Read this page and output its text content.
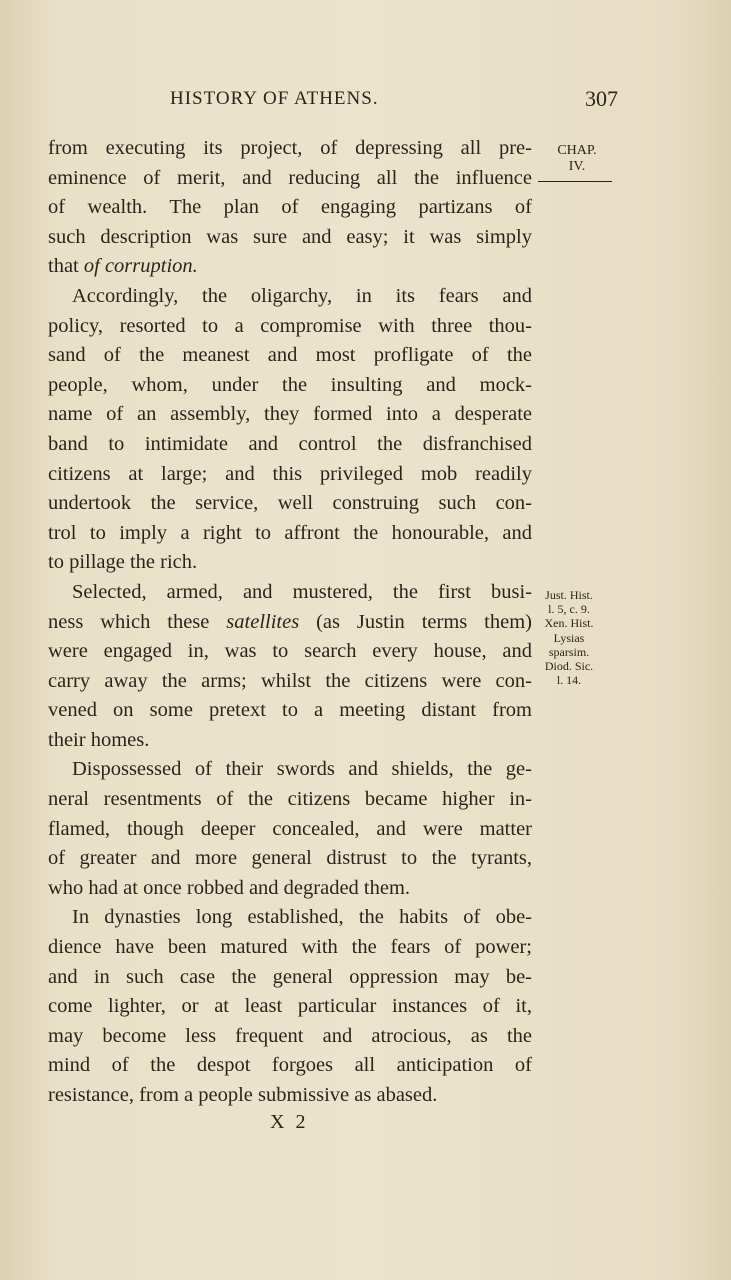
HISTORY OF ATHENS.	307
CHAP.
IV.
Just. Hist.
l. 5, c. 9.
Xen. Hist.
Lysias
sparsim.
Diod. Sic.
l. 14.
from executing its project, of depressing all pre-
eminence of merit, and reducing all the influence
of wealth. The plan of engaging partizans of
such description was sure and easy; it was simply
that of corruption.
Accordingly, the oligarchy, in its fears and
policy, resorted to a compromise with three thou-
sand of the meanest and most profligate of the
people, whom, under the insulting and mock-
name of an assembly, they formed into a desperate
band to intimidate and control the disfranchised
citizens at large; and this privileged mob readily
undertook the service, well construing such con-
trol to imply a right to affront the honourable, and
to pillage the rich.
Selected, armed, and mustered, the first busi-
ness which these satellites (as Justin terms them)
were engaged in, was to search every house, and
carry away the arms; whilst the citizens were con-
vened on some pretext to a meeting distant from
their homes.
Dispossessed of their swords and shields, the ge-
neral resentments of the citizens became higher in-
flamed, though deeper concealed, and were matter
of greater and more general distrust to the tyrants,
who had at once robbed and degraded them.
In dynasties long established, the habits of obe-
dience have been matured with the fears of power;
and in such case the general oppression may be-
come lighter, or at least particular instances of it,
may become less frequent and atrocious, as the
mind of the despot forgoes all anticipation of
resistance, from a people submissive as abased.
X 2
